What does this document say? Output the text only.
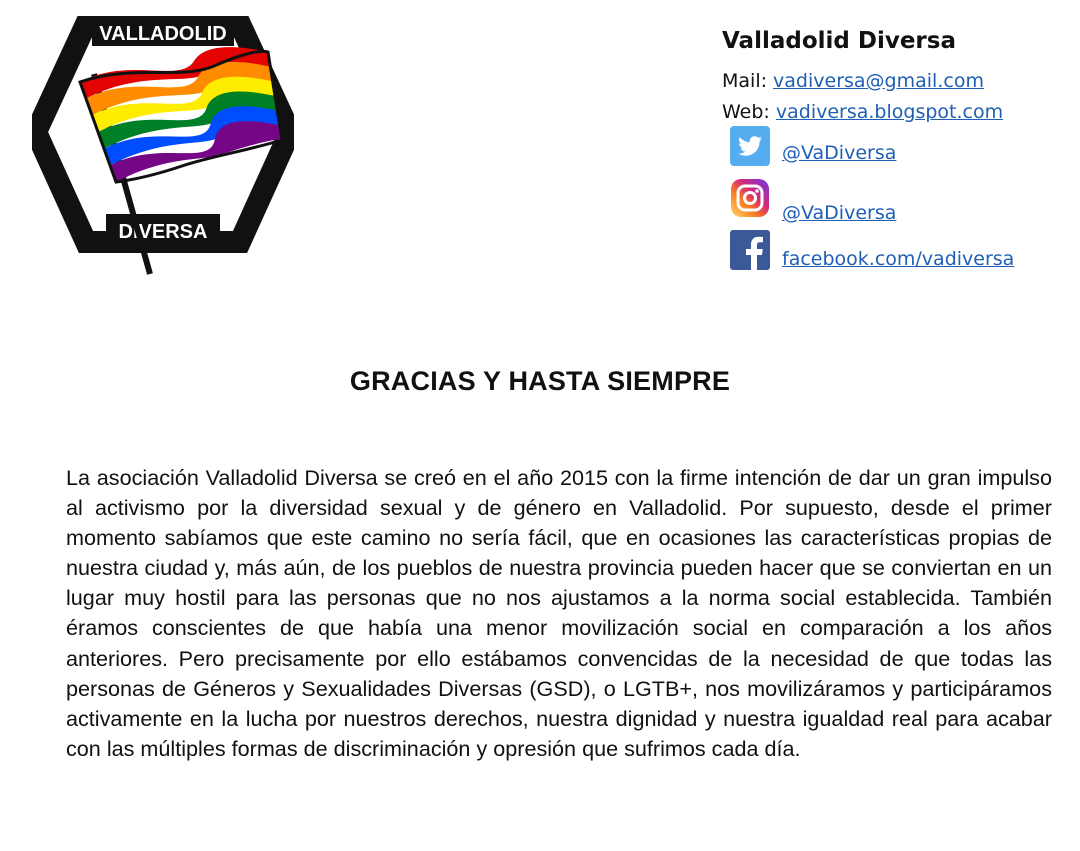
VALLADOLID
DIVERSA
Valladolid Diversa
Mail: vadiversa@gmail.com
Web: vadiversa.blogspot.com
@VaDiversa
@VaDiversa
facebook.com/vadiversa
GRACIAS Y HASTA SIEMPRE

La asociación Valladolid Diversa se creó en el año 2015 con la firme intención de dar un gran impulso al activismo por la diversidad sexual y de género en Valladolid. Por supuesto, desde el primer momento sabíamos que este camino no sería fácil, que en ocasiones las características propias de nuestra ciudad y, más aún, de los pueblos de nuestra provincia pueden hacer que se conviertan en un lugar muy hostil para las personas que no nos ajustamos a la norma social establecida. También éramos conscientes de que había una menor movilización social en comparación a los años anteriores. Pero precisamente por ello estábamos convencidas de la necesidad de que todas las personas de Géneros y Sexualidades Diversas (GSD), o LGTB+, nos movilizáramos y participáramos activamente en la lucha por nuestros derechos, nuestra dignidad y nuestra igualdad real para acabar con las múltiples formas de discriminación y opresión que sufrimos cada día.
